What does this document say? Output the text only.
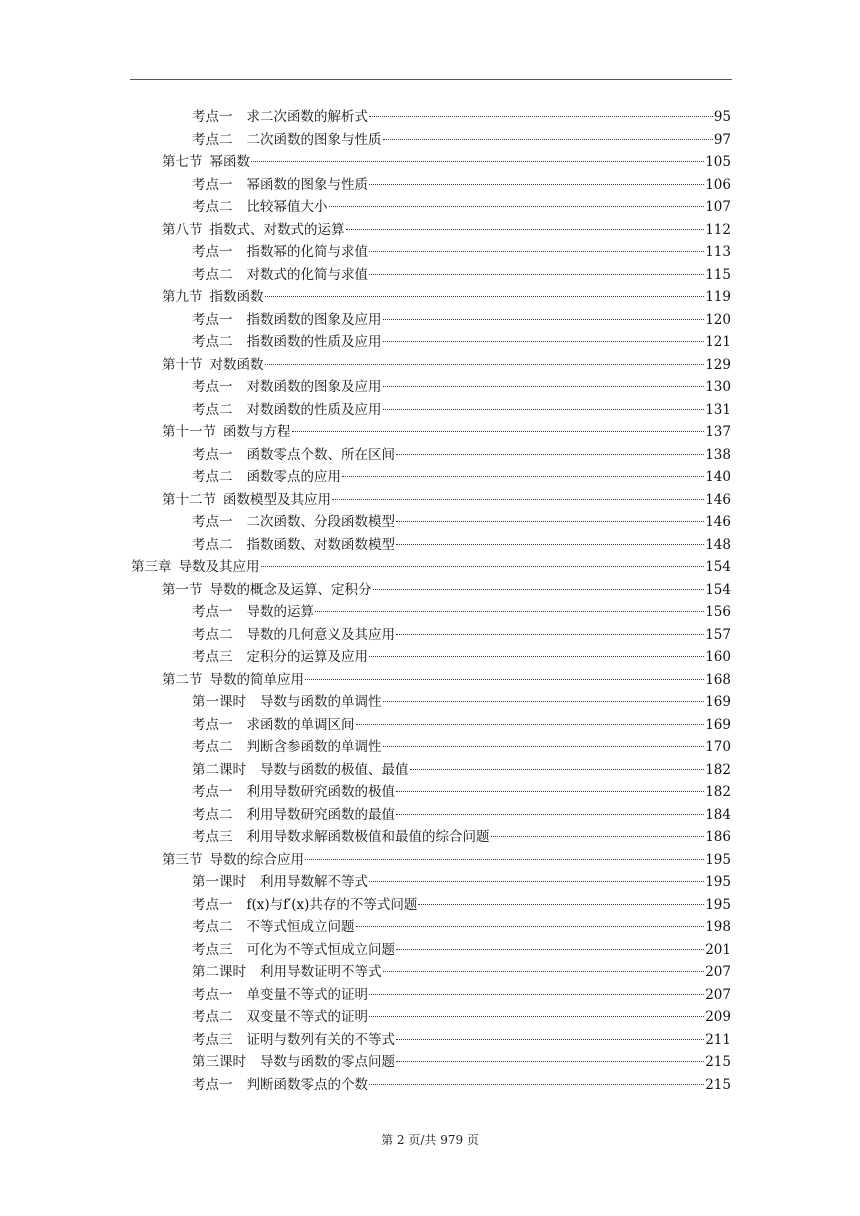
考点一 求二次函数的解析式	95
考点二 二次函数的图象与性质	97
第七节 幂函数	105
考点一 幂函数的图象与性质	106
考点二 比较幂值大小	107
第八节 指数式、对数式的运算	112
考点一 指数幂的化简与求值	113
考点二 对数式的化简与求值	115
第九节 指数函数	119
考点一 指数函数的图象及应用	120
考点二 指数函数的性质及应用	121
第十节 对数函数	129
考点一 对数函数的图象及应用	130
考点二 对数函数的性质及应用	131
第十一节 函数与方程	137
考点一 函数零点个数、所在区间	138
考点二 函数零点的应用	140
第十二节 函数模型及其应用	146
考点一 二次函数、分段函数模型	146
考点二 指数函数、对数函数模型	148
第三章 导数及其应用	154
第一节 导数的概念及运算、定积分	154
考点一 导数的运算	156
考点二 导数的几何意义及其应用	157
考点三 定积分的运算及应用	160
第二节 导数的简单应用	168
第一课时 导数与函数的单调性	169
考点一 求函数的单调区间	169
考点二 判断含参函数的单调性	170
第二课时 导数与函数的极值、最值	182
考点一 利用导数研究函数的极值	182
考点二 利用导数研究函数的最值	184
考点三 利用导数求解函数极值和最值的综合问题	186
第三节 导数的综合应用	195
第一课时 利用导数解不等式	195
考点一 f(x)与f′(x)共存的不等式问题	195
考点二 不等式恒成立问题	198
考点三 可化为不等式恒成立问题	201
第二课时 利用导数证明不等式	207
考点一 单变量不等式的证明	207
考点二 双变量不等式的证明	209
考点三 证明与数列有关的不等式	211
第三课时 导数与函数的零点问题	215
考点一 判断函数零点的个数	215
第 2 页/共 979 页
